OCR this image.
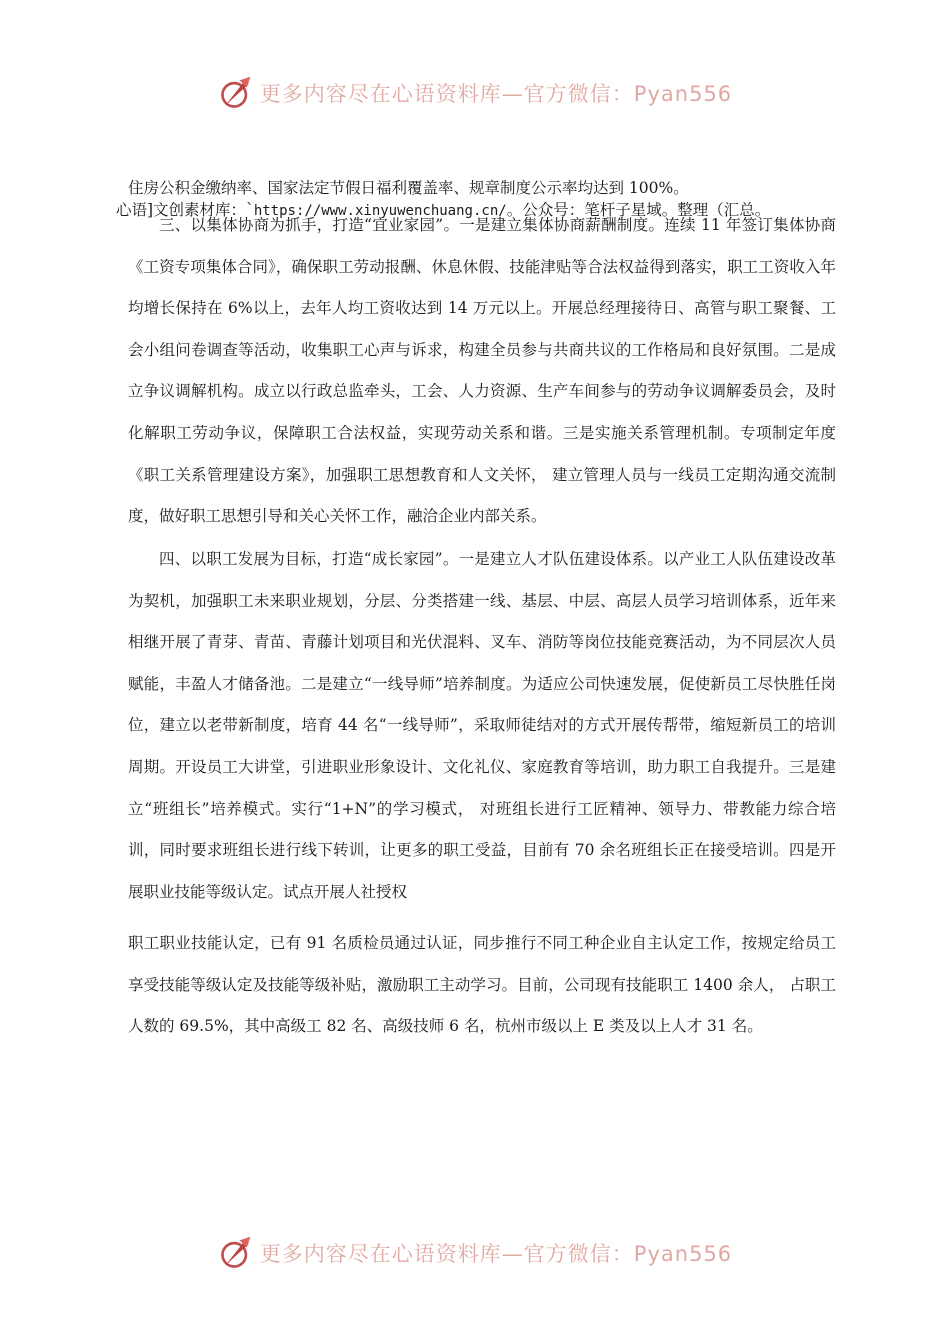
更多内容尽在心语资料库—官方微信：Pyan556
住房公积金缴纳率、国家法定节假日福利覆盖率、规章制度公示率均达到 100%。
心语]文创素材库：`https://www.xinyuwenchuang.cn/。公众号：笔杆子星域。整理（汇总。

三、以集体协商为抓手，打造“宜业家园”。一是建立集体协商薪酬制度。连续 11 年签订集体协商《工资专项集体合同》，确保职工劳动报酬、休息休假、技能津贴等合法权益得到落实，职工工资收入年均增长保持在 6%以上，去年人均工资收达到 14 万元以上。开展总经理接待日、高管与职工聚餐、工会小组问卷调查等活动，收集职工心声与诉求，构建全员参与共商共议的工作格局和良好氛围。二是成立争议调解机构。成立以行政总监牵头，工会、人力资源、生产车间参与的劳动争议调解委员会，及时化解职工劳动争议，保障职工合法权益，实现劳动关系和谐。三是实施关系管理机制。专项制定年度《职工关系管理建设方案》，加强职工思想教育和人文关怀， 建立管理人员与一线员工定期沟通交流制度，做好职工思想引导和关心关怀工作，融洽企业内部关系。

四、以职工发展为目标，打造“成长家园”。一是建立人才队伍建设体系。以产业工人队伍建设改革为契机，加强职工未来职业规划，分层、分类搭建一线、基层、中层、高层人员学习培训体系，近年来相继开展了青芽、青苗、青藤计划项目和光伏混料、叉车、消防等岗位技能竞赛活动，为不同层次人员赋能，丰盈人才储备池。二是建立“一线导师”培养制度。为适应公司快速发展，促使新员工尽快胜任岗位，建立以老带新制度，培育 44 名“一线导师”，采取师徒结对的方式开展传帮带，缩短新员工的培训周期。开设员工大讲堂，引进职业形象设计、文化礼仪、家庭教育等培训，助力职工自我提升。三是建立“班组长”培养模式。实行“1+N”的学习模式， 对班组长进行工匠精神、领导力、带教能力综合培训，同时要求班组长进行线下转训，让更多的职工受益，目前有 70 余名班组长正在接受培训。四是开展职业技能等级认定。试点开展人社授权

职工职业技能认定，已有 91 名质检员通过认证，同步推行不同工种企业自主认定工作，按规定给员工享受技能等级认定及技能等级补贴，激励职工主动学习。目前，公司现有技能职工 1400 余人， 占职工人数的 69.5%，其中高级工 82 名、高级技师 6 名，杭州市级以上 E 类及以上人才 31 名。

更多内容尽在心语资料库—官方微信：Pyan556
